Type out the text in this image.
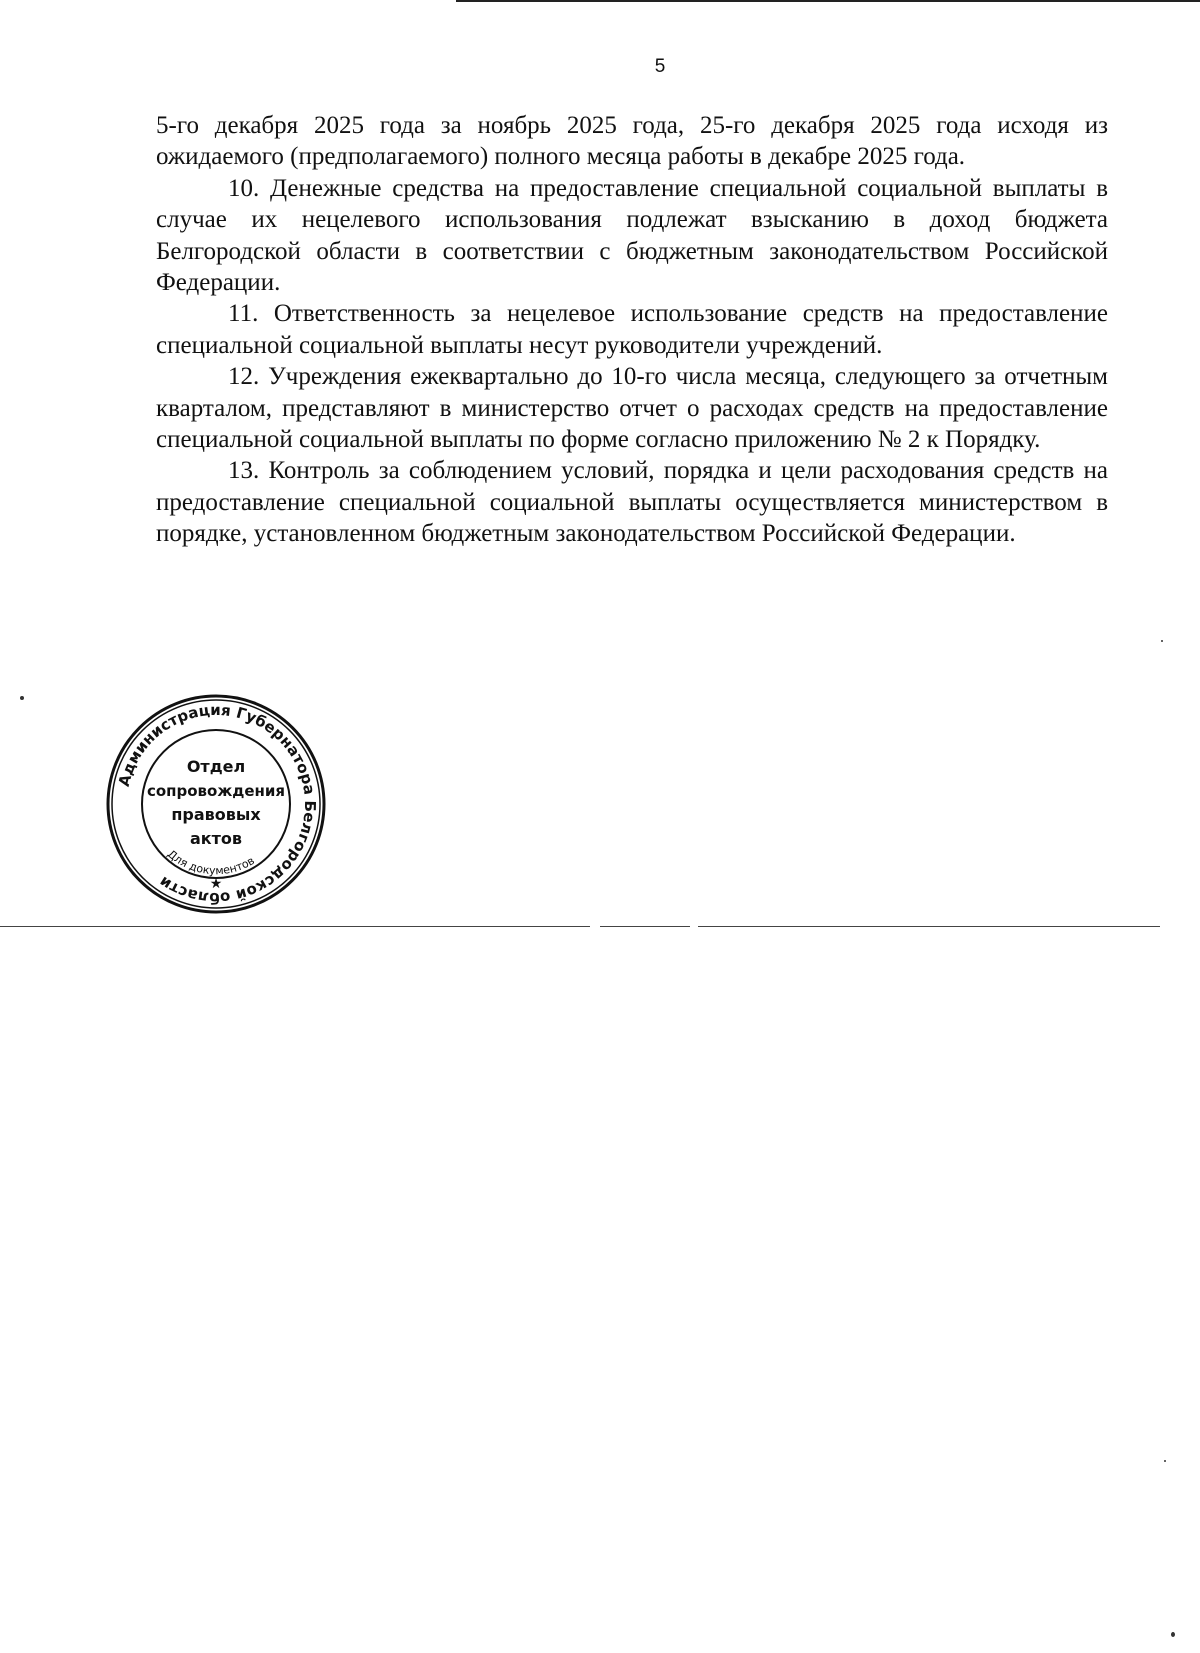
5

5-го декабря 2025 года за ноябрь 2025 года, 25-го декабря 2025 года исходя из ожидаемого (предполагаемого) полного месяца работы в декабре 2025 года.

10. Денежные средства на предоставление специальной социальной выплаты в случае их нецелевого использования подлежат взысканию в доход бюджета Белгородской области в соответствии с бюджетным законодательством Российской Федерации.

11. Ответственность за нецелевое использование средств на предоставление специальной социальной выплаты несут руководители учреждений.

12. Учреждения ежеквартально до 10-го числа месяца, следующего за отчетным кварталом, представляют в министерство отчет о расходах средств на предоставление специальной социальной выплаты по форме согласно приложению № 2 к Порядку.

13. Контроль за соблюдением условий, порядка и цели расходования средств на предоставление специальной социальной выплаты осуществляется министерством в порядке, установленном бюджетным законодательством Российской Федерации.

Администрация Губернатора Белгородской области
Для документов
Отдел
сопровождения
правовых
актов
★
